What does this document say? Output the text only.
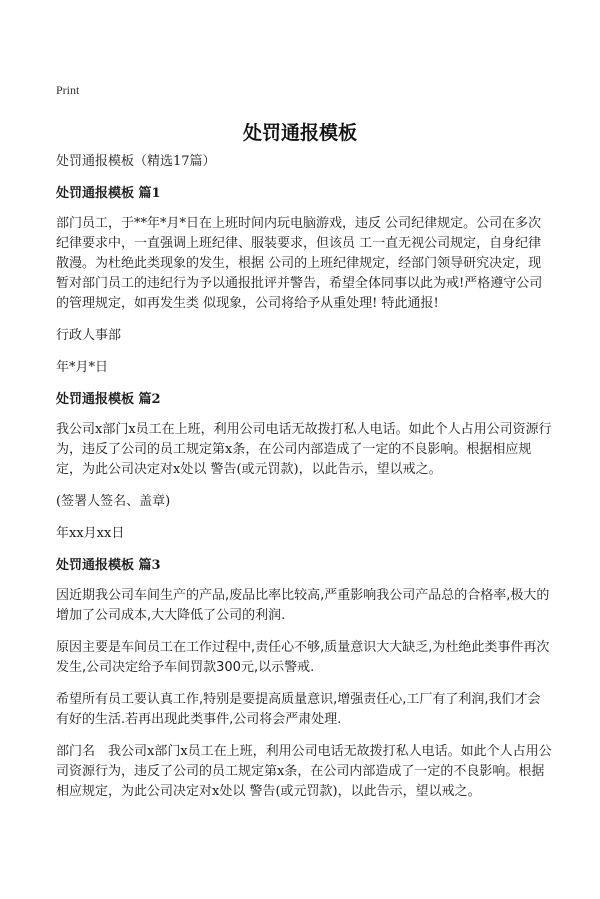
Print
处罚通报模板

处罚通报模板（精选17篇）

处罚通报模板 篇1

部门员工，于**年*月*日在上班时间内玩电脑游戏，违反 公司纪律规定。公司在多次纪律要求中，一直强调上班纪律、服装要求，但该员 工一直无视公司规定，自身纪律散漫。为杜绝此类现象的发生，根据 公司的上班纪律规定，经部门领导研究决定，现暂对部门员工的违纪行为予以通报批评并警告，希望全体同事以此为戒!严格遵守公司的管理规定，如再发生类 似现象，公司将给予从重处理! 特此通报!

行政人事部

年*月*日

处罚通报模板 篇2

我公司x部门x员工在上班，利用公司电话无故拨打私人电话。如此个人占用公司资源行为，违反了公司的员工规定第x条，在公司内部造成了一定的不良影响。根据相应规定，为此公司决定对x处以 警告(或元罚款)，以此告示，望以戒之。

(签署人签名、盖章)

年xx月xx日

处罚通报模板 篇3

因近期我公司车间生产的产品,废品比率比较高,严重影响我公司产品总的合格率,极大的增加了公司成本,大大降低了公司的利润.

原因主要是车间员工在工作过程中,责任心不够,质量意识大大缺乏,为杜绝此类事件再次发生,公司决定给予车间罚款300元,以示警戒.

希望所有员工要认真工作,特别是要提高质量意识,增强责任心,工厂有了利润,我们才会有好的生活.若再出现此类事件,公司将会严肃处理.

部门名　我公司x部门x员工在上班，利用公司电话无故拨打私人电话。如此个人占用公司资源行为，违反了公司的员工规定第x条，在公司内部造成了一定的不良影响。根据相应规定，为此公司决定对x处以 警告(或元罚款)，以此告示，望以戒之。
